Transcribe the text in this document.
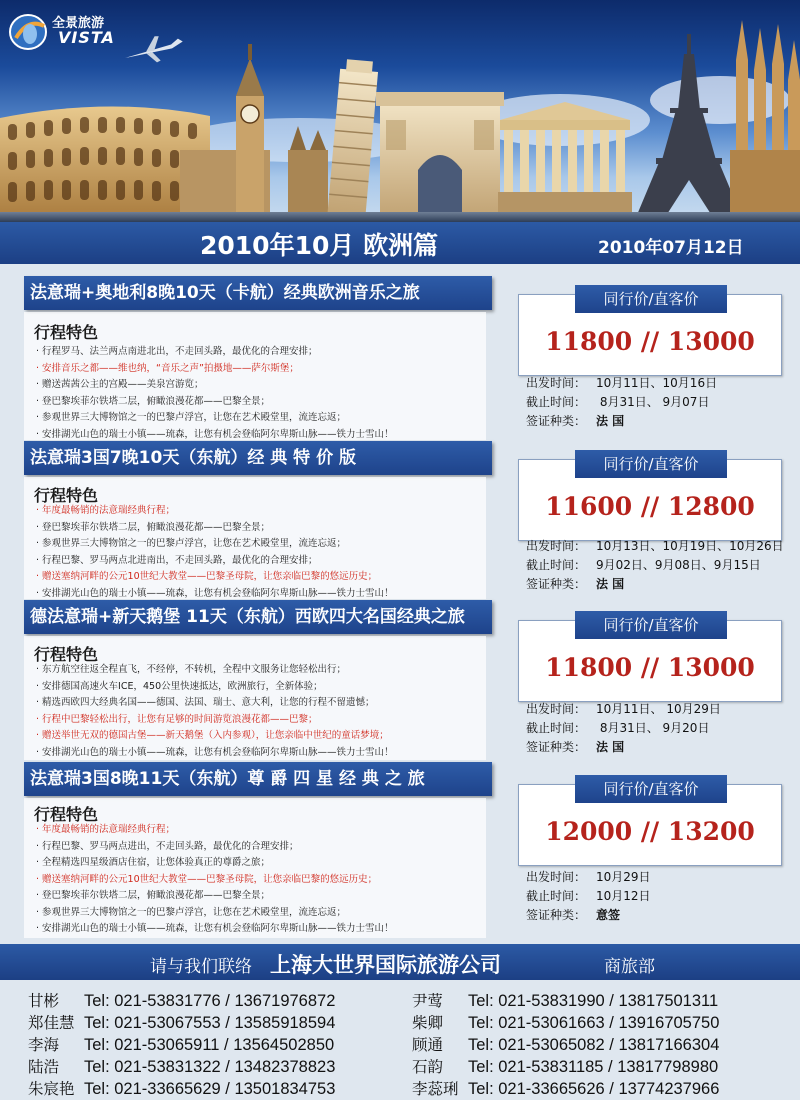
全景旅游
VISTA
2010年10月 欧洲篇	2010年07月12日
法意瑞+奥地利8晚10天（卡航）经典欧洲音乐之旅
行程特色
· 行程罗马、法兰两点南进北出，不走回头路，最优化的合理安排；
· 安排音乐之都——维也纳，“音乐之声”拍摄地——萨尔斯堡；
· 赠送茜茜公主的宫殿——美泉宫游览；
· 登巴黎埃菲尔铁塔二层，俯瞰浪漫花都——巴黎全景；
· 参观世界三大博物馆之一的巴黎卢浮宫，让您在艺术殿堂里，流连忘返；
· 安排湖光山色的瑞士小镇——琉森，让您有机会登临阿尔卑斯山脉——铁力士雪山！
同行价/直客价
11800 // 13000
出发时间： 10月11日、10月16日
截止时间： 8月31日、 9月07日
签证种类： 法 国
法意瑞3国7晚10天（东航）经 典 特 价 版
行程特色
· 年度最畅销的法意瑞经典行程；
· 登巴黎埃菲尔铁塔二层，俯瞰浪漫花都——巴黎全景；
· 参观世界三大博物馆之一的巴黎卢浮宫，让您在艺术殿堂里，流连忘返；
· 行程巴黎、罗马两点北进南出，不走回头路，最优化的合理安排；
· 赠送塞纳河畔的公元10世纪大教堂——巴黎圣母院，让您亲临巴黎的悠远历史；
· 安排湖光山色的瑞士小镇——琉森，让您有机会登临阿尔卑斯山脉——铁力士雪山！
同行价/直客价
11600 // 12800
出发时间： 10月13日、10月19日、10月26日
截止时间： 9月02日、9月08日、9月15日
签证种类： 法 国
德法意瑞+新天鹅堡 11天（东航）西欧四大名国经典之旅
行程特色
· 东方航空往返全程直飞，不经停，不转机，全程中文服务让您轻松出行；
· 安排德国高速火车ICE，450公里快速抵达，欧洲旅行，全新体验；
· 精选西欧四大经典名国——德国、法国、瑞士、意大利，让您的行程不留遗憾；
· 行程中巴黎轻松出行，让您有足够的时间游览浪漫花都——巴黎；
· 赠送举世无双的德国古堡——新天鹅堡（入内参观），让您亲临中世纪的童话梦境；
· 安排湖光山色的瑞士小镇——琉森，让您有机会登临阿尔卑斯山脉——铁力士雪山！
同行价/直客价
11800 // 13000
出发时间： 10月11日、 10月29日
截止时间： 8月31日、 9月20日
签证种类： 法 国
法意瑞3国8晚11天（东航）尊 爵 四 星 经 典 之 旅
行程特色
· 年度最畅销的法意瑞经典行程；
· 行程巴黎、罗马两点进出，不走回头路，最优化的合理安排；
· 全程精选四星级酒店住宿，让您体验真正的尊爵之旅；
· 赠送塞纳河畔的公元10世纪大教堂——巴黎圣母院，让您亲临巴黎的悠远历史；
· 登巴黎埃菲尔铁塔二层，俯瞰浪漫花都——巴黎全景；
· 参观世界三大博物馆之一的巴黎卢浮宫，让您在艺术殿堂里，流连忘返；
· 安排湖光山色的瑞士小镇——琉森，让您有机会登临阿尔卑斯山脉——铁力士雪山！
同行价/直客价
12000 // 13200
出发时间： 10月29日
截止时间： 10月12日
签证种类： 意签
请与我们联络 上海大世界国际旅游公司	商旅部
甘彬 Tel: 021-53831776 / 13671976872	尹莺 Tel: 021-53831990 / 13817501311
郑佳慧 Tel: 021-53067553 / 13585918594	柴卿 Tel: 021-53061663 / 13916705750
李海 Tel: 021-53065911 / 13564502850	顾通 Tel: 021-53065082 / 13817166304
陆浩 Tel: 021-53831322 / 13482378823	石韵 Tel: 021-53831185 / 13817798980
朱宸艳 Tel: 021-33665629 / 13501834753	李蕊琍 Tel: 021-33665626 / 13774237966
